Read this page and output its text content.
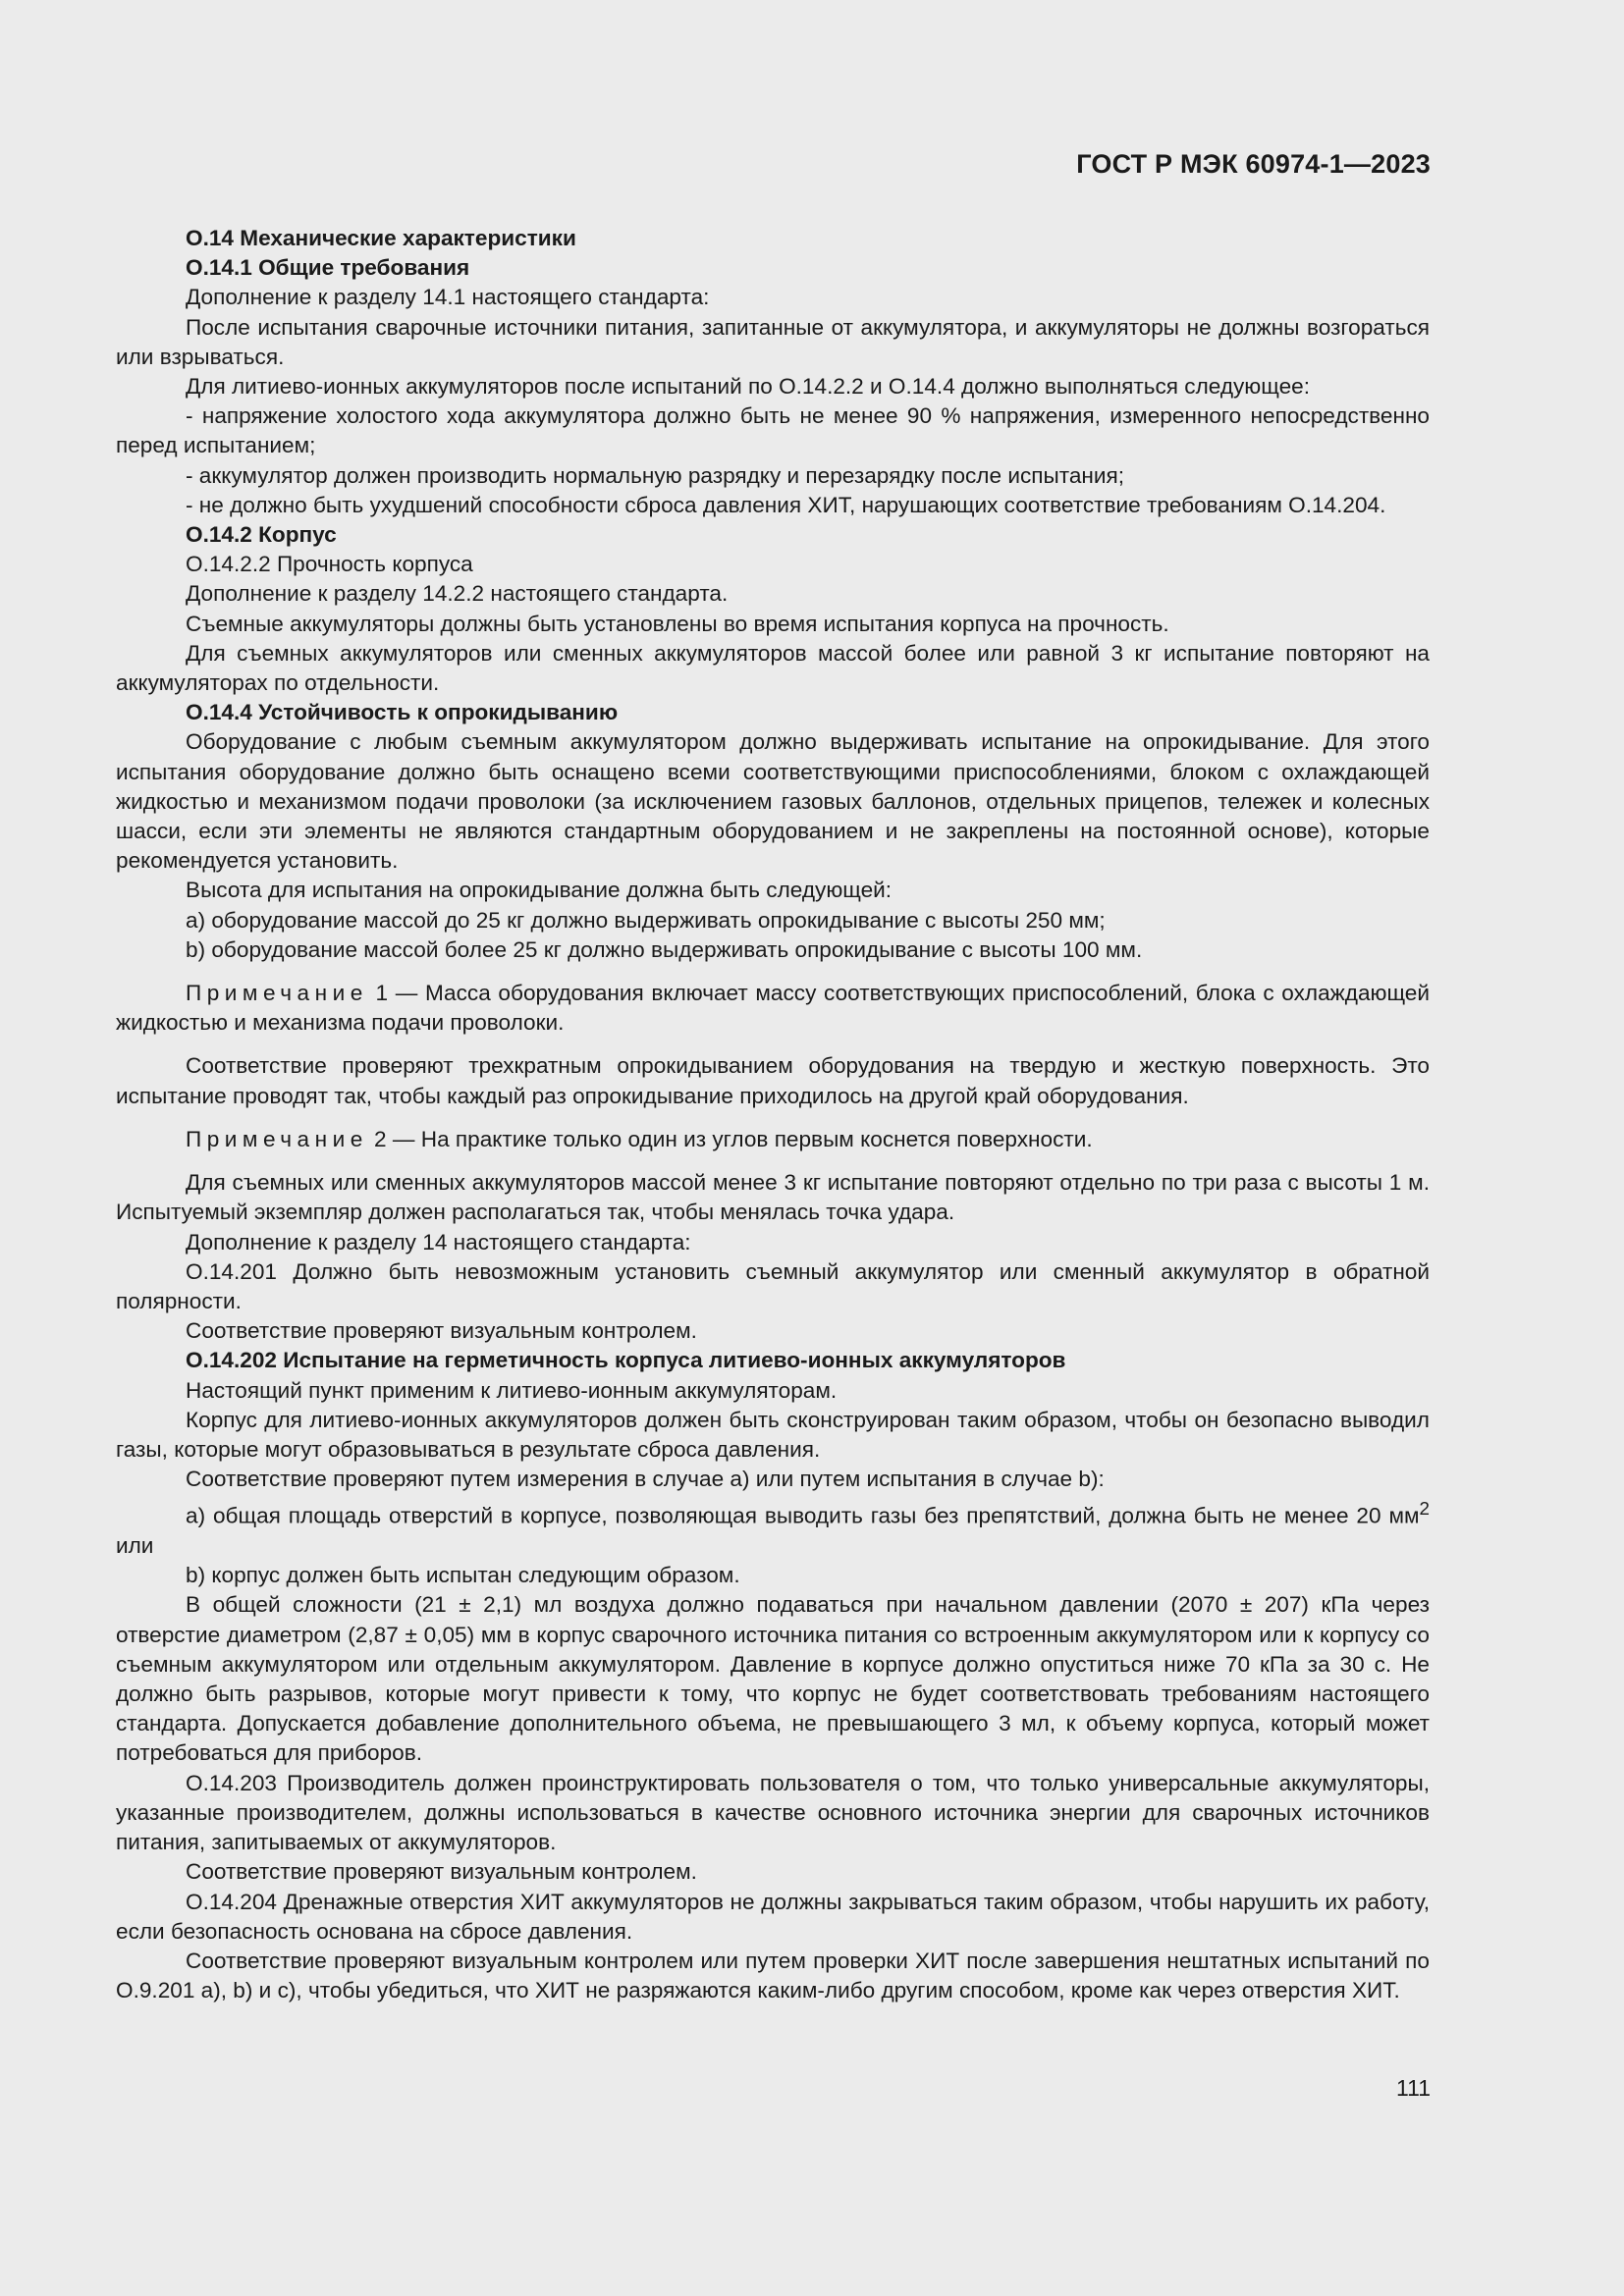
ГОСТ Р МЭК 60974-1—2023

О.14 Механические характеристики

О.14.1 Общие требования

Дополнение к разделу 14.1 настоящего стандарта:

После испытания сварочные источники питания, запитанные от аккумулятора, и аккумуляторы не должны возгораться или взрываться.

Для литиево-ионных аккумуляторов после испытаний по О.14.2.2 и О.14.4 должно выполняться следующее:

- напряжение холостого хода аккумулятора должно быть не менее 90 % напряжения, измеренного непосредственно перед испытанием;

- аккумулятор должен производить нормальную разрядку и перезарядку после испытания;

- не должно быть ухудшений способности сброса давления ХИТ, нарушающих соответствие требованиям О.14.204.

О.14.2 Корпус

О.14.2.2 Прочность корпуса

Дополнение к разделу 14.2.2 настоящего стандарта.

Съемные аккумуляторы должны быть установлены во время испытания корпуса на прочность.

Для съемных аккумуляторов или сменных аккумуляторов массой более или равной 3 кг испытание повторяют на аккумуляторах по отдельности.

О.14.4 Устойчивость к опрокидыванию

Оборудование с любым съемным аккумулятором должно выдерживать испытание на опрокидывание. Для этого испытания оборудование должно быть оснащено всеми соответствующими приспособлениями, блоком с охлаждающей жидкостью и механизмом подачи проволоки (за исключением газовых баллонов, отдельных прицепов, тележек и колесных шасси, если эти элементы не являются стандартным оборудованием и не закреплены на постоянной основе), которые рекомендуется установить.

Высота для испытания на опрокидывание должна быть следующей:

a) оборудование массой до 25 кг должно выдерживать опрокидывание с высоты 250 мм;

b) оборудование массой более 25 кг должно выдерживать опрокидывание с высоты 100 мм.

Примечание 1 — Масса оборудования включает массу соответствующих приспособлений, блока с охлаждающей жидкостью и механизма подачи проволоки.

Соответствие проверяют трехкратным опрокидыванием оборудования на твердую и жесткую поверхность. Это испытание проводят так, чтобы каждый раз опрокидывание приходилось на другой край оборудования.

Примечание 2 — На практике только один из углов первым коснется поверхности.

Для съемных или сменных аккумуляторов массой менее 3 кг испытание повторяют отдельно по три раза с высоты 1 м. Испытуемый экземпляр должен располагаться так, чтобы менялась точка удара.

Дополнение к разделу 14 настоящего стандарта:

О.14.201 Должно быть невозможным установить съемный аккумулятор или сменный аккумулятор в обратной полярности.

Соответствие проверяют визуальным контролем.

О.14.202 Испытание на герметичность корпуса литиево-ионных аккумуляторов

Настоящий пункт применим к литиево-ионным аккумуляторам.

Корпус для литиево-ионных аккумуляторов должен быть сконструирован таким образом, чтобы он безопасно выводил газы, которые могут образовываться в результате сброса давления.

Соответствие проверяют путем измерения в случае a) или путем испытания в случае b):

a) общая площадь отверстий в корпусе, позволяющая выводить газы без препятствий, должна быть не менее 20 $мм^2$ или

b) корпус должен быть испытан следующим образом.

В общей сложности (21 ± 2,1) мл воздуха должно подаваться при начальном давлении (2070 ± 207) кПа через отверстие диаметром (2,87 ± 0,05) мм в корпус сварочного источника питания со встроенным аккумулятором или к корпусу со съемным аккумулятором или отдельным аккумулятором. Давление в корпусе должно опуститься ниже 70 кПа за 30 с. Не должно быть разрывов, которые могут привести к тому, что корпус не будет соответствовать требованиям настоящего стандарта. Допускается добавление дополнительного объема, не превышающего 3 мл, к объему корпуса, который может потребоваться для приборов.

О.14.203 Производитель должен проинструктировать пользователя о том, что только универсальные аккумуляторы, указанные производителем, должны использоваться в качестве основного источника энергии для сварочных источников питания, запитываемых от аккумуляторов.

Соответствие проверяют визуальным контролем.

О.14.204 Дренажные отверстия ХИТ аккумуляторов не должны закрываться таким образом, чтобы нарушить их работу, если безопасность основана на сбросе давления.

Соответствие проверяют визуальным контролем или путем проверки ХИТ после завершения нештатных испытаний по О.9.201 a), b) и c), чтобы убедиться, что ХИТ не разряжаются каким-либо другим способом, кроме как через отверстия ХИТ.

111
